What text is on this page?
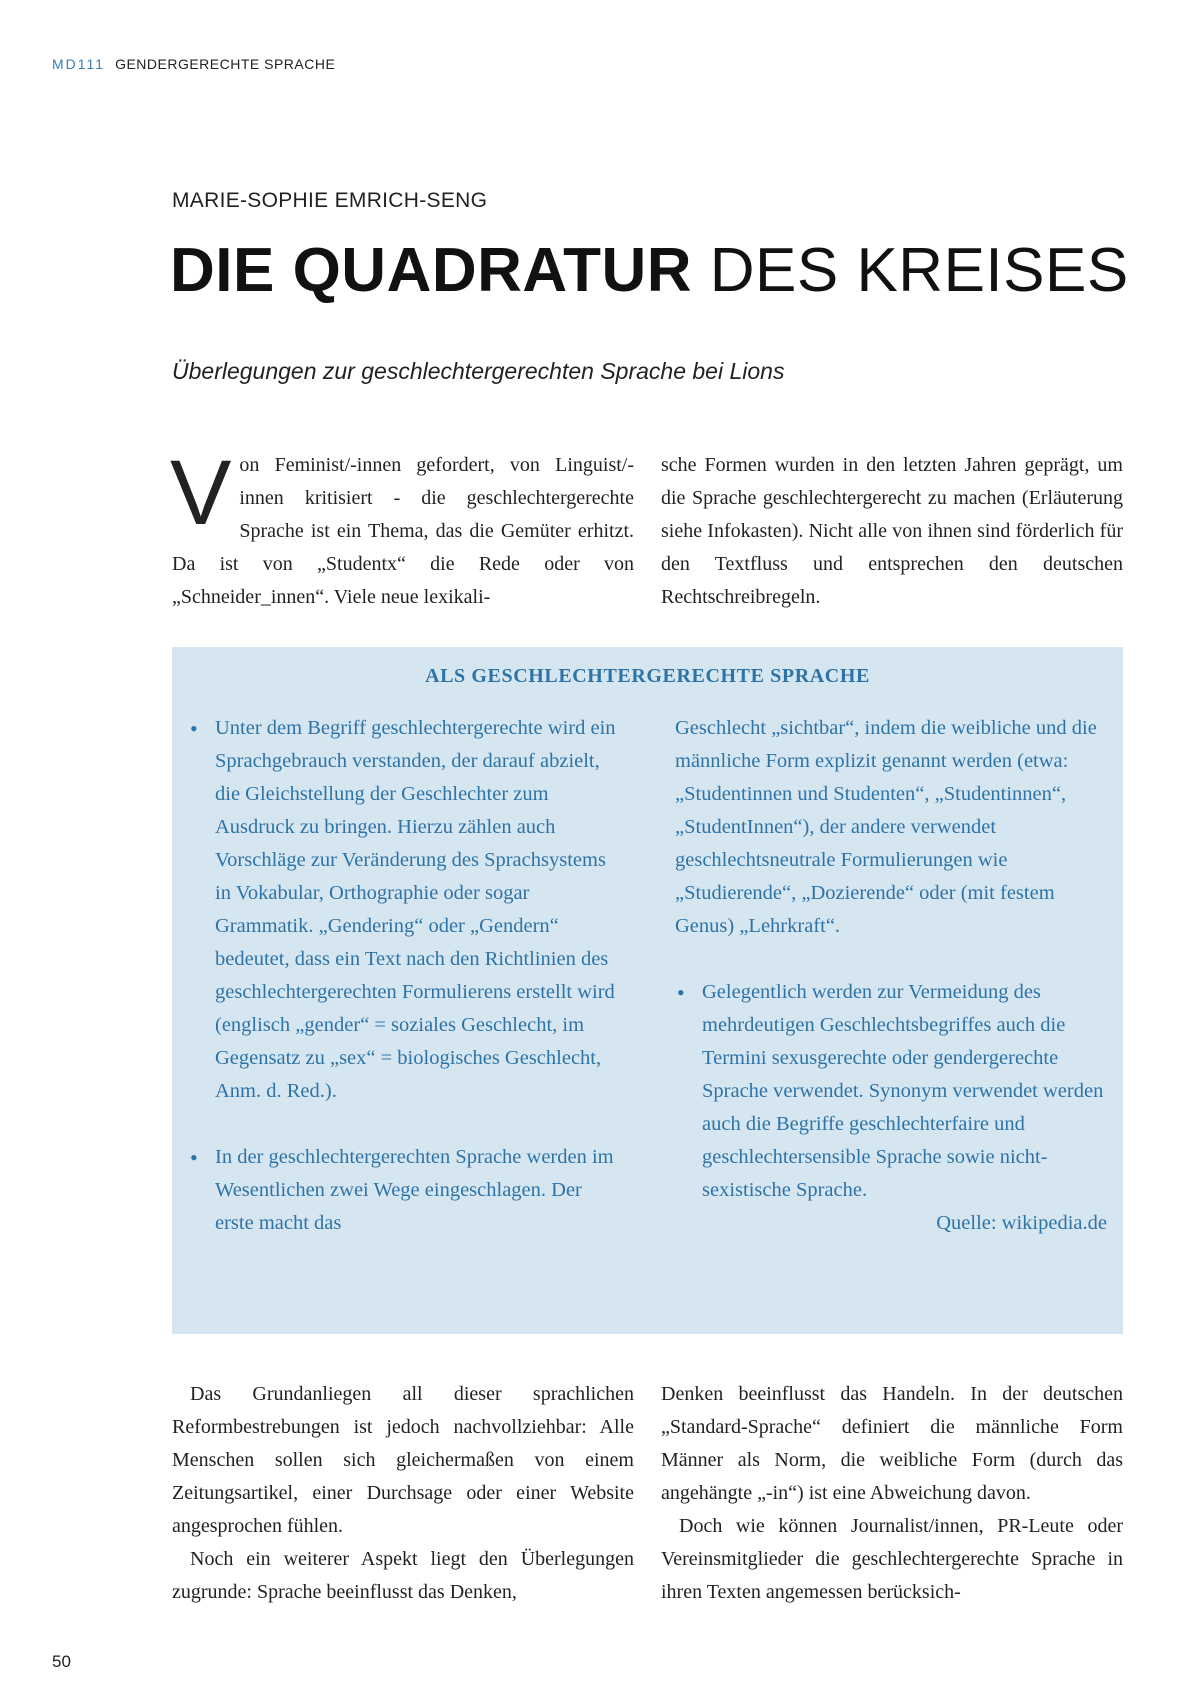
MD111 GENDERGERECHTE SPRACHE
MARIE-SOPHIE EMRICH-SENG
DIE QUADRATUR DES KREISES
Überlegungen zur geschlechtergerechten Sprache bei Lions
Von Feminist/-innen gefordert, von Linguist/-innen kritisiert - die geschlechtergerechte Sprache ist ein Thema, das die Gemüter erhitzt. Da ist von „Studentx“ die Rede oder von „Schneider_innen“. Viele neue lexikali-
sche Formen wurden in den letzten Jahren geprägt, um die Sprache geschlechtergerecht zu machen (Erläuterung siehe Infokasten). Nicht alle von ihnen sind förderlich für den Textfluss und entsprechen den deutschen Rechtschreibregeln.
ALS GESCHLECHTERGERECHTE SPRACHE
• Unter dem Begriff geschlechtergerechte wird ein Sprachgebrauch verstanden, der darauf abzielt, die Gleichstellung der Geschlechter zum Ausdruck zu bringen. Hierzu zählen auch Vorschläge zur Veränderung des Sprachsystems in Vokabular, Orthographie oder sogar Grammatik. „Gendering“ oder „Gendern“ bedeutet, dass ein Text nach den Richtlinien des geschlechtergerechten Formulierens erstellt wird (englisch „gender“ = soziales Geschlecht, im Gegensatz zu „sex“ = biologisches Geschlecht, Anm. d. Red.).
• In der geschlechtergerechten Sprache werden im Wesentlichen zwei Wege eingeschlagen. Der erste macht das
Geschlecht „sichtbar“, indem die weibliche und die männliche Form explizit genannt werden (etwa: „Studentinnen und Studenten“, „Studentinnen“, „StudentInnen“), der andere verwendet geschlechtsneutrale Formulierungen wie „Studierende“, „Dozierende“ oder (mit festem Genus) „Lehrkraft“.
• Gelegentlich werden zur Vermeidung des mehrdeutigen Geschlechtsbegriffes auch die Termini sexusgerechte oder gendergerechte Sprache verwendet. Synonym verwendet werden auch die Begriffe geschlechterfaire und geschlechtersensible Sprache sowie nicht-sexistische Sprache.
Quelle: wikipedia.de
Das Grundanliegen all dieser sprachlichen Reformbestrebungen ist jedoch nachvollziehbar: Alle Menschen sollen sich gleichermaßen von einem Zeitungsartikel, einer Durchsage oder einer Website angesprochen fühlen.
Noch ein weiterer Aspekt liegt den Überlegungen zugrunde: Sprache beeinflusst das Denken,
Denken beeinflusst das Handeln. In der deutschen „Standard-Sprache“ definiert die männliche Form Männer als Norm, die weibliche Form (durch das angehängte „-in“) ist eine Abweichung davon.
Doch wie können Journalist/innen, PR-Leute oder Vereinsmitglieder die geschlechtergerechte Sprache in ihren Texten angemessen berücksich-
50
